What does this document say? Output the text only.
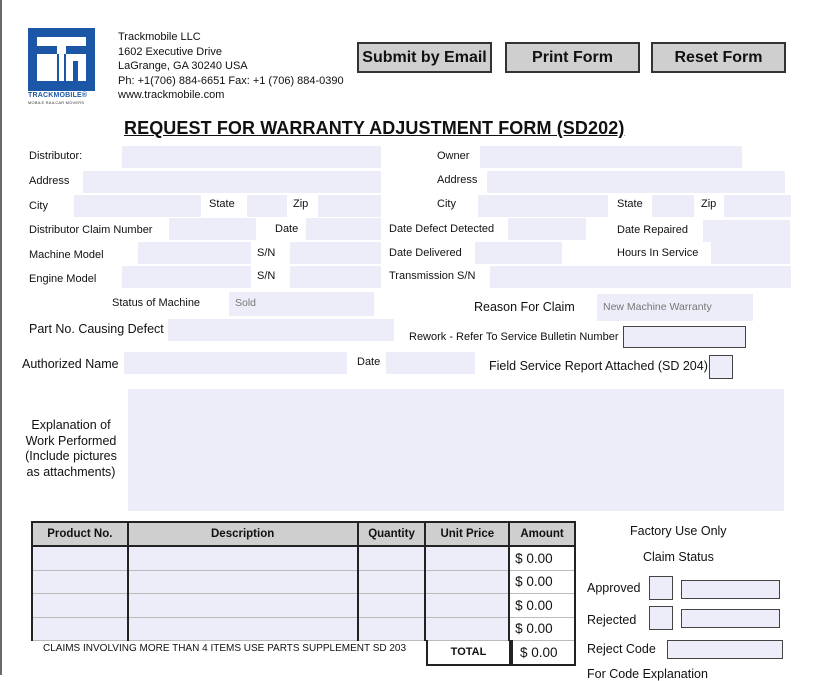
TRACKMOBILE®
MOBILE RAILCAR MOVERS
Trackmobile LLC
1602 Executive Drive
LaGrange, GA 30240 USA
Ph: +1(706) 884-6651 Fax: +1 (706) 884-0390
www.trackmobile.com
Submit by Email	Print Form	Reset Form
REQUEST FOR WARRANTY ADJUSTMENT FORM (SD202)
Distributor:	Owner
Address	Address
City	State	Zip	City	State	Zip
Distributor Claim Number	Date	Date Defect Detected	Date Repaired
Machine Model	S/N	Date Delivered	Hours In Service
Engine Model	S/N	Transmission S/N
Status of Machine	Sold	Reason For Claim	New Machine Warranty
Part No. Causing Defect
Rework - Refer To Service Bulletin Number
Authorized Name	Date	Field Service Report Attached (SD 204)
Explanation of
Work Performed
(Include pictures
as attachments)
Product No.	Description	Quantity	Unit Price	Amount
				$ 0.00
				$ 0.00
				$ 0.00
				$ 0.00
CLAIMS INVOLVING MORE THAN 4 ITEMS USE PARTS SUPPLEMENT SD 203	TOTAL	$ 0.00
Factory Use Only
Claim Status
Approved
Rejected
Reject Code
For Code Explanation
